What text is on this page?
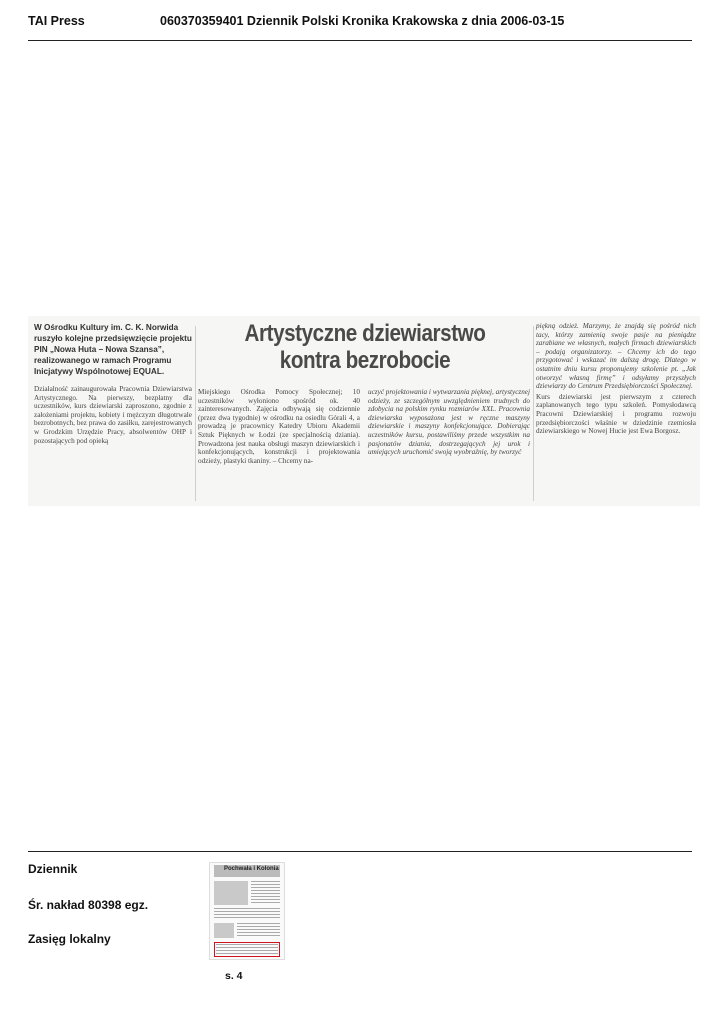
TAI Press	060370359401 Dziennik Polski Kronika Krakowska z dnia 2006-03-15
W Ośrodku Kultury im. C. K. Norwida ruszyło kolejne przedsięwzięcie projektu PIN „Nowa Huta – Nowa Szansa”, realizowanego w ramach Programu Inicjatywy Wspólnotowej EQUAL.

Działalność zainaugurowała Pracownia Dziewiarstwa Artystycznego. Na pierwszy, bezpłatny dla uczestników, kurs dziewiarski zaproszono, zgodnie z założeniami projektu, kobiety i mężczyzn długotrwale bezrobotnych, bez prawa do zasiłku, zarejestrowanych w Grodzkim Urzędzie Pracy, absolwentów OHP i pozostających pod opieką

Artystyczne dziewiarstwo
kontra bezrobocie

Miejskiego Ośrodka Pomocy Społecznej; 10 uczestników wyłoniono spośród ok. 40 zainteresowanych. Zajęcia odbywają się codziennie (przez dwa tygodnie) w ośrodku na osiedlu Górali 4, a prowadzą je pracownicy Katedry Ubioru Akademii Sztuk Pięknych w Łodzi (ze specjalnością dziania). Prowadzona jest nauka obsługi maszyn dziewiarskich i konfekcjonujących, konstrukcji i projektowania odzieży, plastyki tkaniny. – Chcemy na-

uczyć projektowania i wytwarzania pięknej, artystycznej odzieży, ze szczególnym uwzględnieniem trudnych do zdobycia na polskim rynku rozmiarów XXL. Pracownia dziewiarska wyposażona jest w ręczne maszyny dziewiarskie i maszyny konfekcjonujące. Dobierając uczestników kursu, postawiliśmy przede wszystkim na pasjonatów dziania, dostrzegających jej urok i umiejących uruchomić swoją wyobraźnię, by tworzyć

piękną odzież. Marzymy, że znajdą się pośród nich tacy, którzy zamienią swoje pasje na pieniądze zarabiane we własnych, małych firmach dziewiarskich – podają organizatorzy. – Chcemy ich do tego przygotować i wskazać im dalszą drogę. Dlatego w ostatnim dniu kursu proponujemy szkolenie pt. „Jak otworzyć własną firmę” i odsyłamy przyszłych dziewiarzy do Centrum Przedsiębiorczości Społecznej.

Kurs dziewiarski jest pierwszym z czterech zaplanowanych tego typu szkoleń. Pomysłodawcą Pracowni Dziewiarskiej i programu rozwoju przedsiębiorczości właśnie w dziedzinie rzemiosła dziewiarskiego w Nowej Hucie jest Ewa Borgosz.

Dziennik
Śr. nakład 80398 egz.
Zasięg lokalny
Pochwała i Kolonia
s. 4
